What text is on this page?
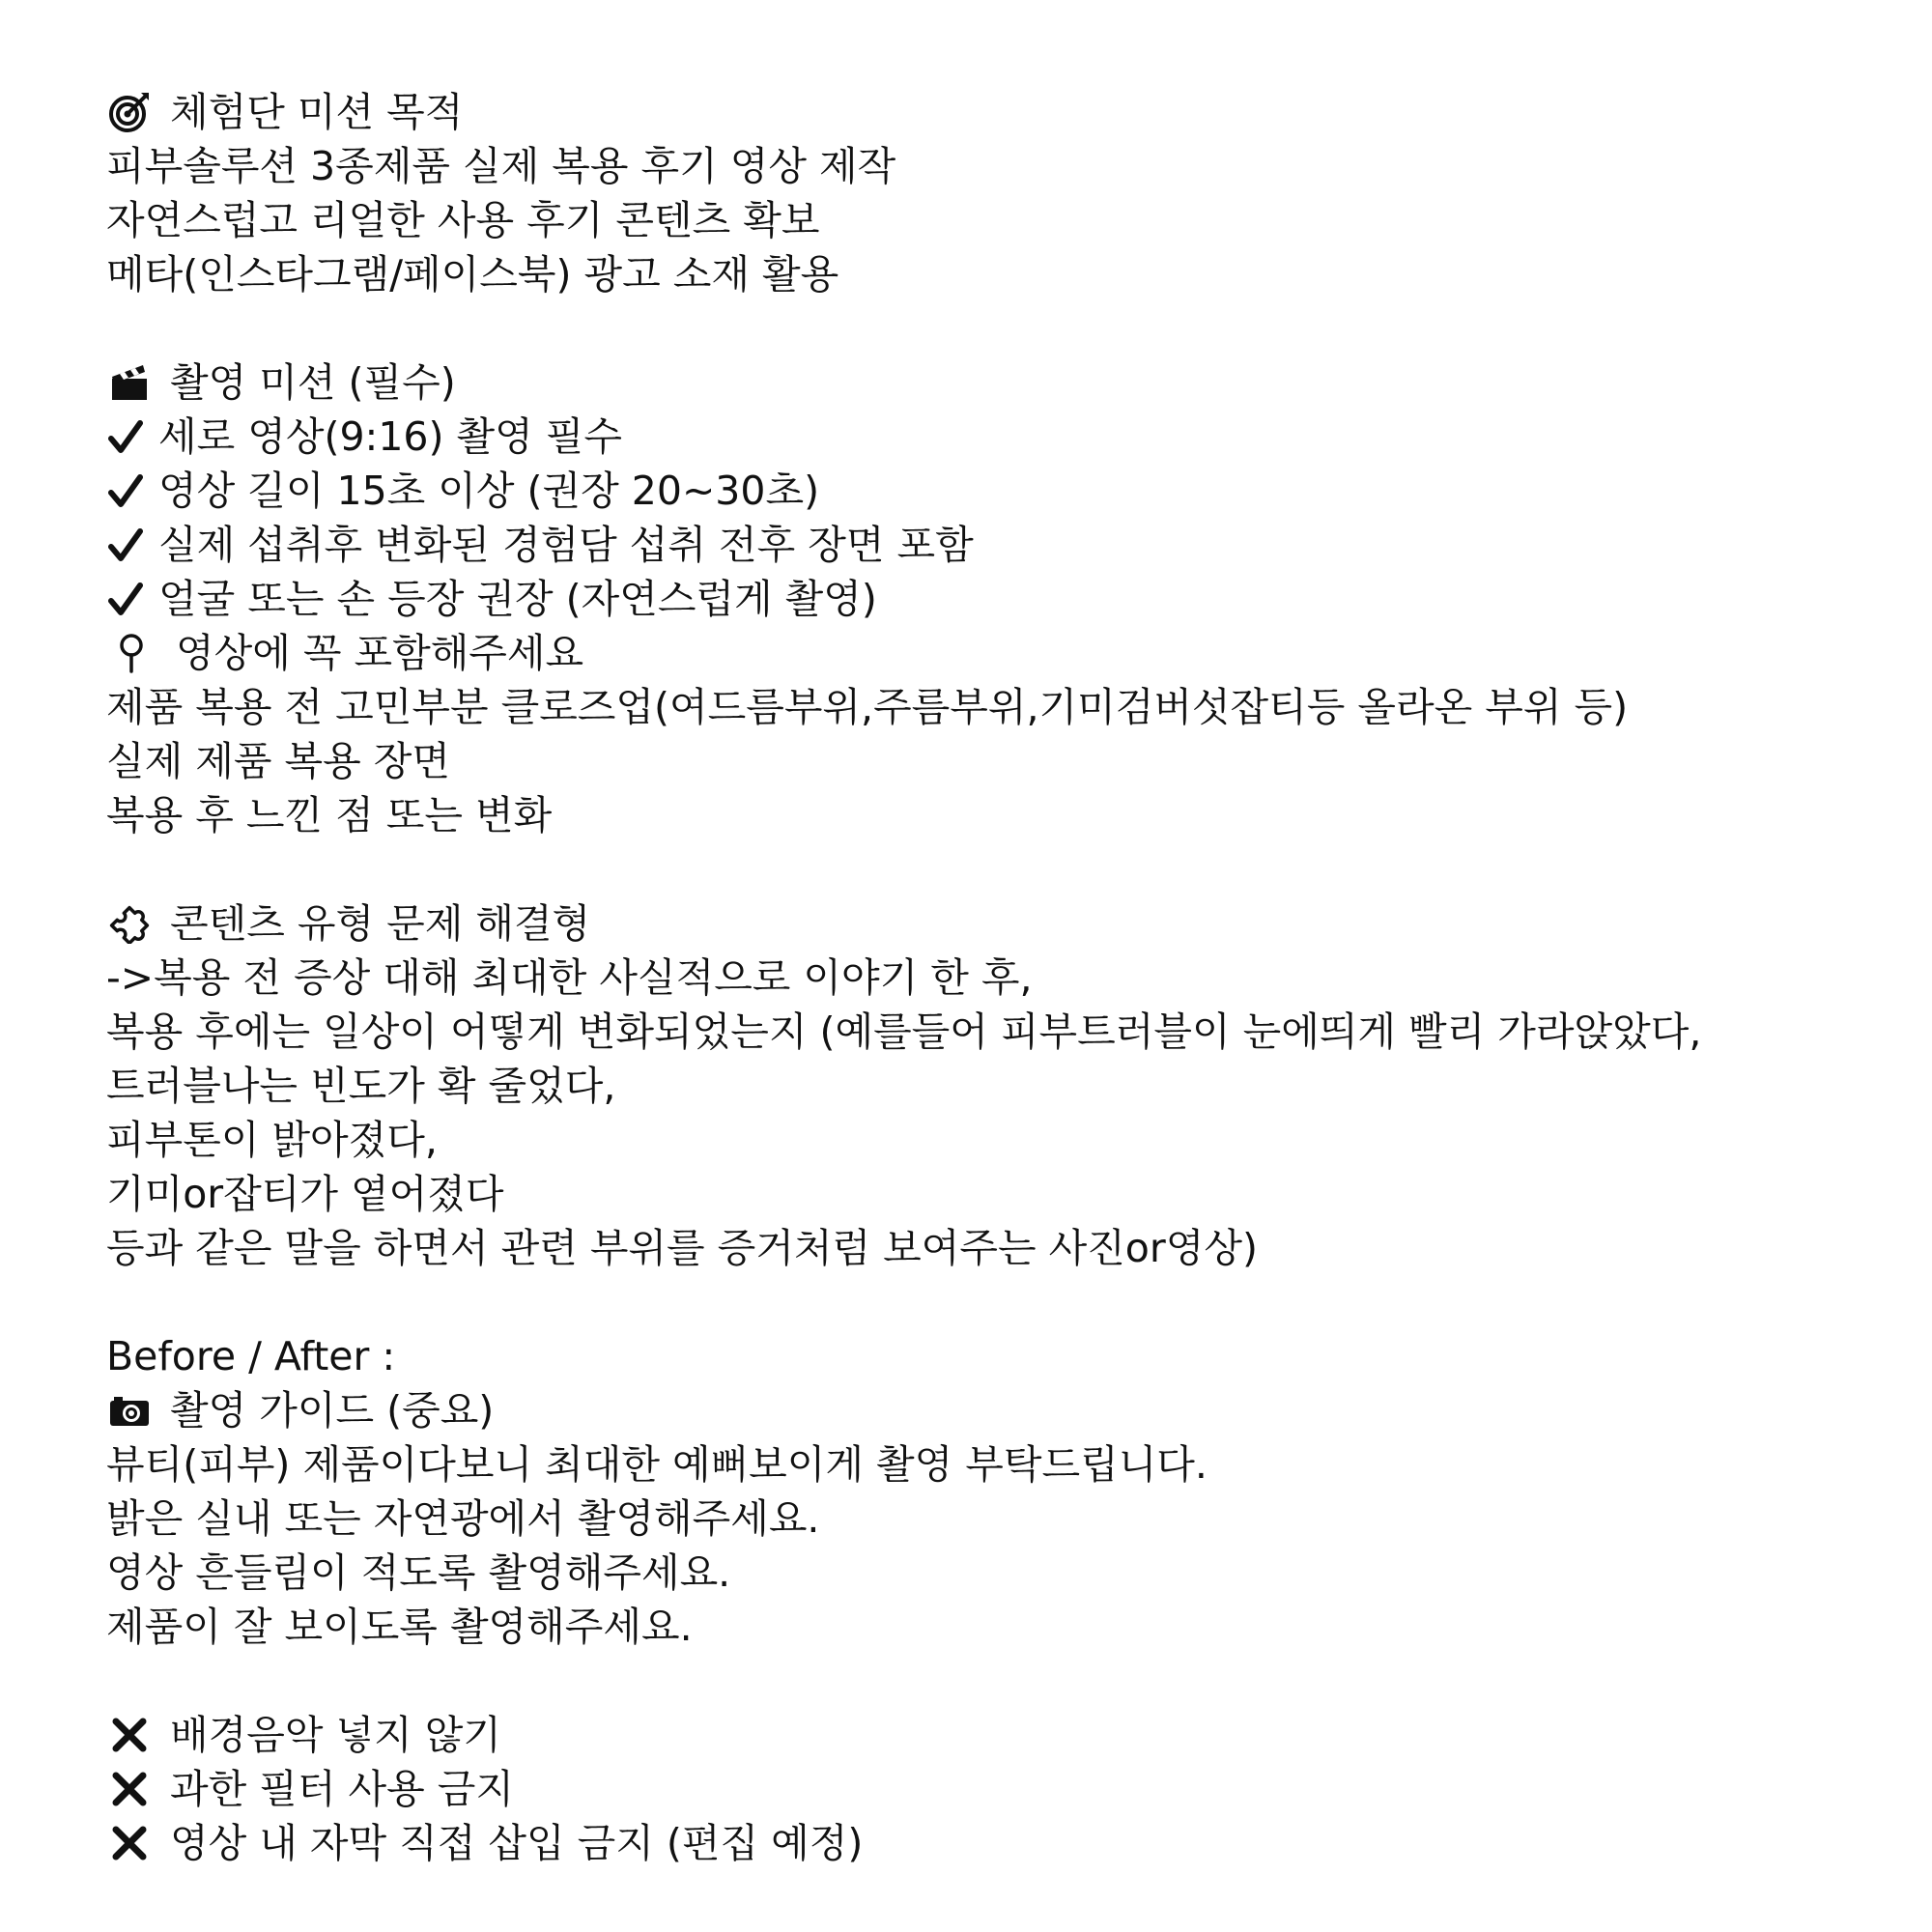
체험단 미션 목적
피부솔루션 3종제품 실제 복용 후기 영상 제작
자연스럽고 리얼한 사용 후기 콘텐츠 확보
메타(인스타그램/페이스북) 광고 소재 활용
촬영 미션 (필수)
세로 영상(9:16) 촬영 필수
영상 길이 15초 이상 (권장 20~30초)
실제 섭취후 변화된 경험담 섭취 전후 장면 포함
얼굴 또는 손 등장 권장 (자연스럽게 촬영)
영상에 꼭 포함해주세요
제품 복용 전 고민부분 클로즈업(여드름부위,주름부위,기미검버섯잡티등 올라온 부위 등)
실제 제품 복용 장면
복용 후 느낀 점 또는 변화
콘텐츠 유형 문제 해결형
->복용 전 증상 대해 최대한 사실적으로 이야기 한 후,
복용 후에는 일상이 어떻게 변화되었는지 (예를들어 피부트러블이 눈에띄게 빨리 가라앉았다,
트러블나는 빈도가 확 줄었다,
피부톤이 밝아졌다,
기미or잡티가 옅어졌다
등과 같은 말을 하면서 관련 부위를 증거처럼 보여주는 사진or영상)
Before / After :
촬영 가이드 (중요)
뷰티(피부) 제품이다보니 최대한 예뻐보이게 촬영 부탁드립니다.
밝은 실내 또는 자연광에서 촬영해주세요.
영상 흔들림이 적도록 촬영해주세요.
제품이 잘 보이도록 촬영해주세요.
배경음악 넣지 않기
과한 필터 사용 금지
영상 내 자막 직접 삽입 금지 (편집 예정)
